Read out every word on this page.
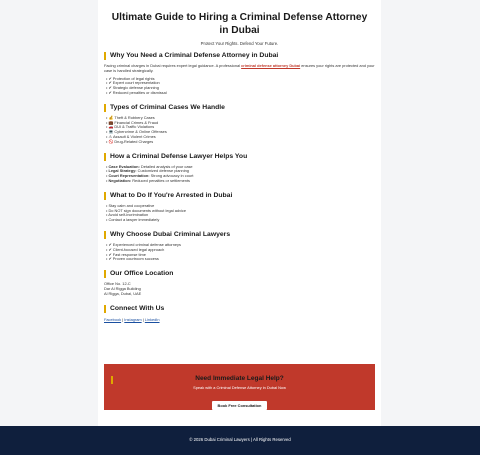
Ultimate Guide to Hiring a Criminal Defense Attorney in Dubai
Protect Your Rights. Defend Your Future.
Why You Need a Criminal Defense Attorney in Dubai

Facing criminal charges in Dubai requires expert legal guidance. A professional criminal defense attorney Dubai ensures your rights are protected and your case is handled strategically.

• ✔ Protection of legal rights
• ✔ Expert court representation
• ✔ Strategic defense planning
• ✔ Reduced penalties or dismissal
Types of Criminal Cases We Handle
• 💰Theft & Robbery Cases
• 💼Financial Crimes & Fraud
• 🚗DUI & Traffic Violations
• 💻Cybercrime & Online Offenses
• ⚠Assault & Violent Crimes
• 🚫Drug-Related Charges
How a Criminal Defense Lawyer Helps You
• Case Evaluation: Detailed analysis of your case
• Legal Strategy: Customized defense planning
• Court Representation: Strong advocacy in court
• Negotiation: Reduced penalties or settlements
What to Do If You're Arrested in Dubai
• Stay calm and cooperative
• Do NOT sign documents without legal advice
• Avoid self-incrimination
• Contact a lawyer immediately
Why Choose Dubai Criminal Lawyers
• ✔ Experienced criminal defense attorneys
• ✔ Client-focused legal approach
• ✔ Fast response time
• ✔ Proven courtroom success
Our Office Location
Office No. 12-C
Dar Al Rigga Building
Al Rigga, Dubai, UAE
Connect With Us
Facebook | Instagram | LinkedIn
Need Immediate Legal Help?

Speak with a Criminal Defense Attorney in Dubai Now

Book Free Consultation
© 2026 Dubai Criminal Lawyers | All Rights Reserved
